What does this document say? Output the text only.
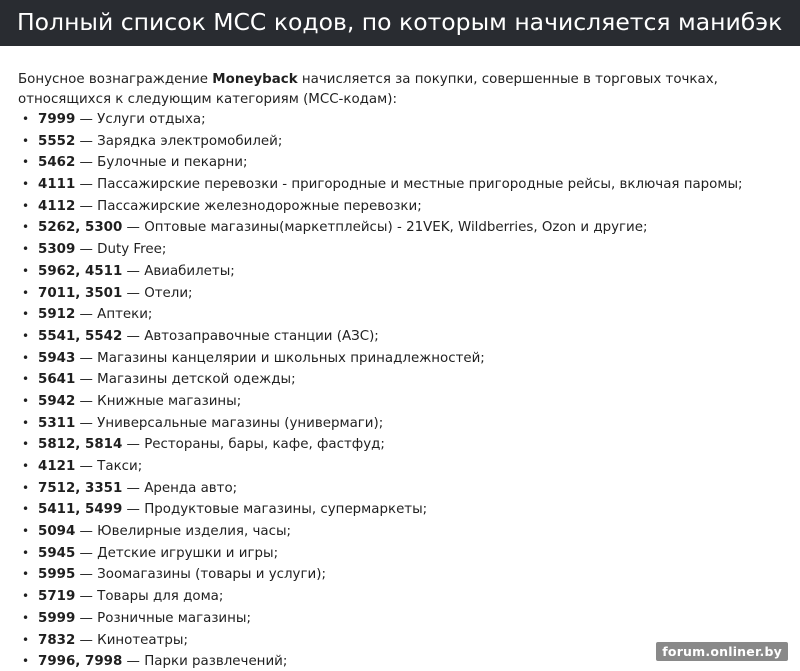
Полный список MCC кодов, по которым начисляется манибэк

Бонусное вознаграждение Moneyback начисляется за покупки, совершенные в торговых точках, относящихся к следующим категориям (МСС-кодам):

• 7999 — Услуги отдыха;
• 5552 — Зарядка электромобилей;
• 5462 — Булочные и пекарни;
• 4111 — Пассажирские перевозки - пригородные и местные пригородные рейсы, включая паромы;
• 4112 — Пассажирские железнодорожные перевозки;
• 5262, 5300 — Оптовые магазины(маркетплейсы) - 21VEK, Wildberries, Ozon и другие;
• 5309 — Duty Free;
• 5962, 4511 — Авиабилеты;
• 7011, 3501 — Отели;
• 5912 — Аптеки;
• 5541, 5542 — Автозаправочные станции (АЗС);
• 5943 — Магазины канцелярии и школьных принадлежностей;
• 5641 — Магазины детской одежды;
• 5942 — Книжные магазины;
• 5311 — Универсальные магазины (универмаги);
• 5812, 5814 — Рестораны, бары, кафе, фастфуд;
• 4121 — Такси;
• 7512, 3351 — Аренда авто;
• 5411, 5499 — Продуктовые магазины, супермаркеты;
• 5094 — Ювелирные изделия, часы;
• 5945 — Детские игрушки и игры;
• 5995 — Зоомагазины (товары и услуги);
• 5719 — Товары для дома;
• 5999 — Розничные магазины;
• 7832 — Кинотеатры;
• 7996, 7998 — Парки развлечений;
forum.onliner.by
